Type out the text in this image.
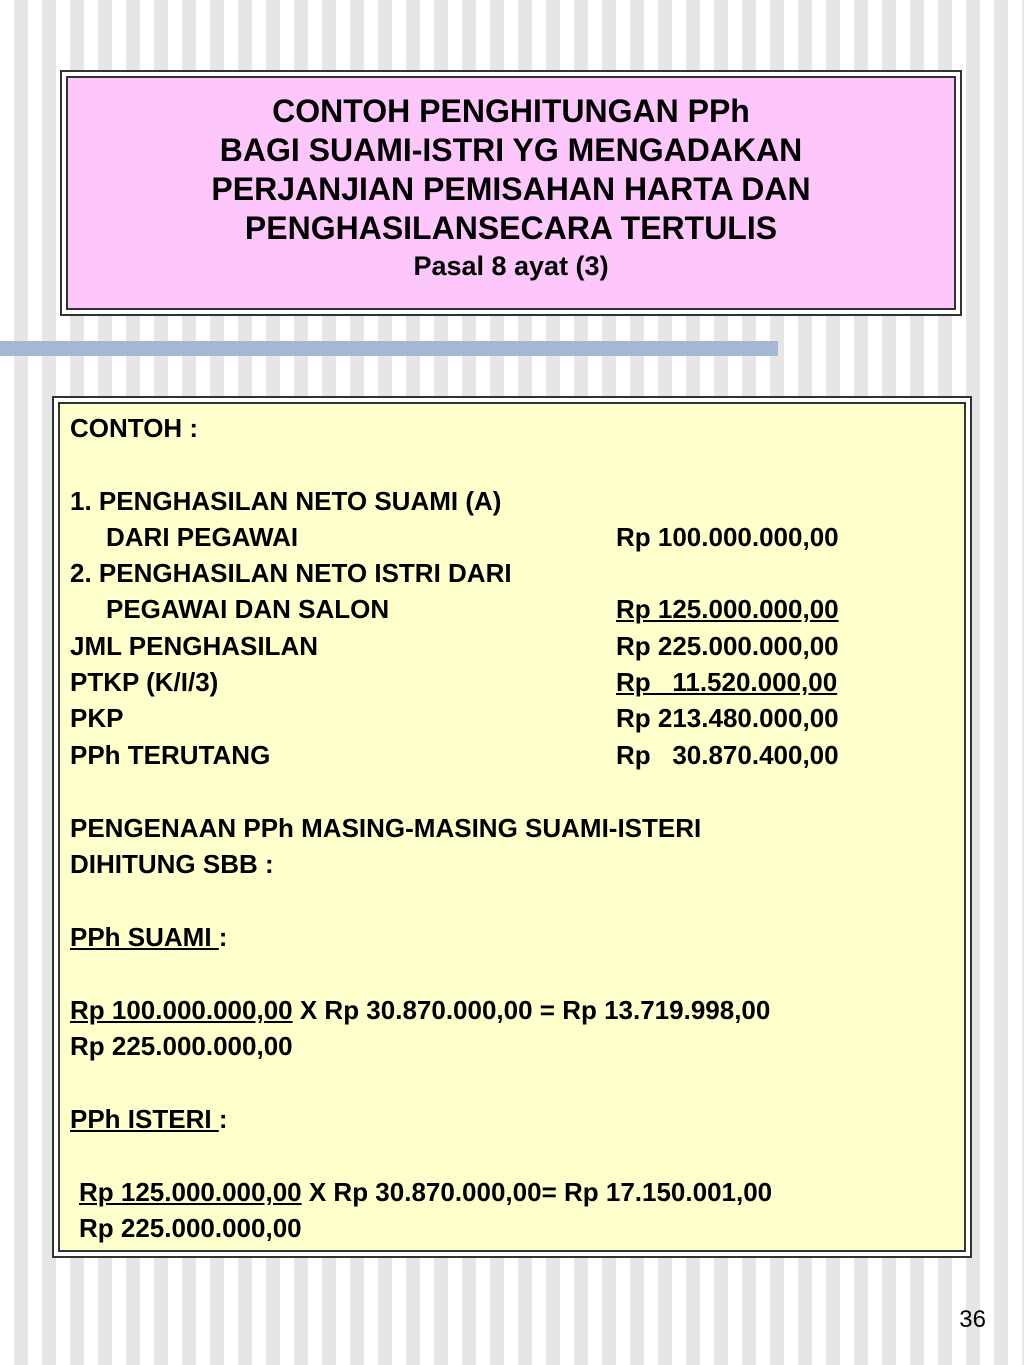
CONTOH PENGHITUNGAN PPh
BAGI SUAMI-ISTRI YG MENGADAKAN
PERJANJIAN PEMISAHAN HARTA DAN
PENGHASILANSECARA TERTULIS
Pasal 8 ayat (3)
CONTOH :
1. PENGHASILAN NETO SUAMI (A)
DARI PEGAWAI	Rp 100.000.000,00
2. PENGHASILAN NETO ISTRI DARI
PEGAWAI DAN SALON	Rp 125.000.000,00
JML PENGHASILAN	Rp 225.000.000,00
PTKP (K/I/3)	Rp   11.520.000,00
PKP	Rp 213.480.000,00
PPh TERUTANG	Rp   30.870.400,00
PENGENAAN PPh MASING-MASING SUAMI-ISTERI
DIHITUNG SBB :
PPh SUAMI :
Rp 100.000.000,00 X Rp 30.870.000,00 = Rp 13.719.998,00
Rp 225.000.000,00
PPh ISTERI :
Rp 125.000.000,00 X Rp 30.870.000,00= Rp 17.150.001,00
Rp 225.000.000,00
36
